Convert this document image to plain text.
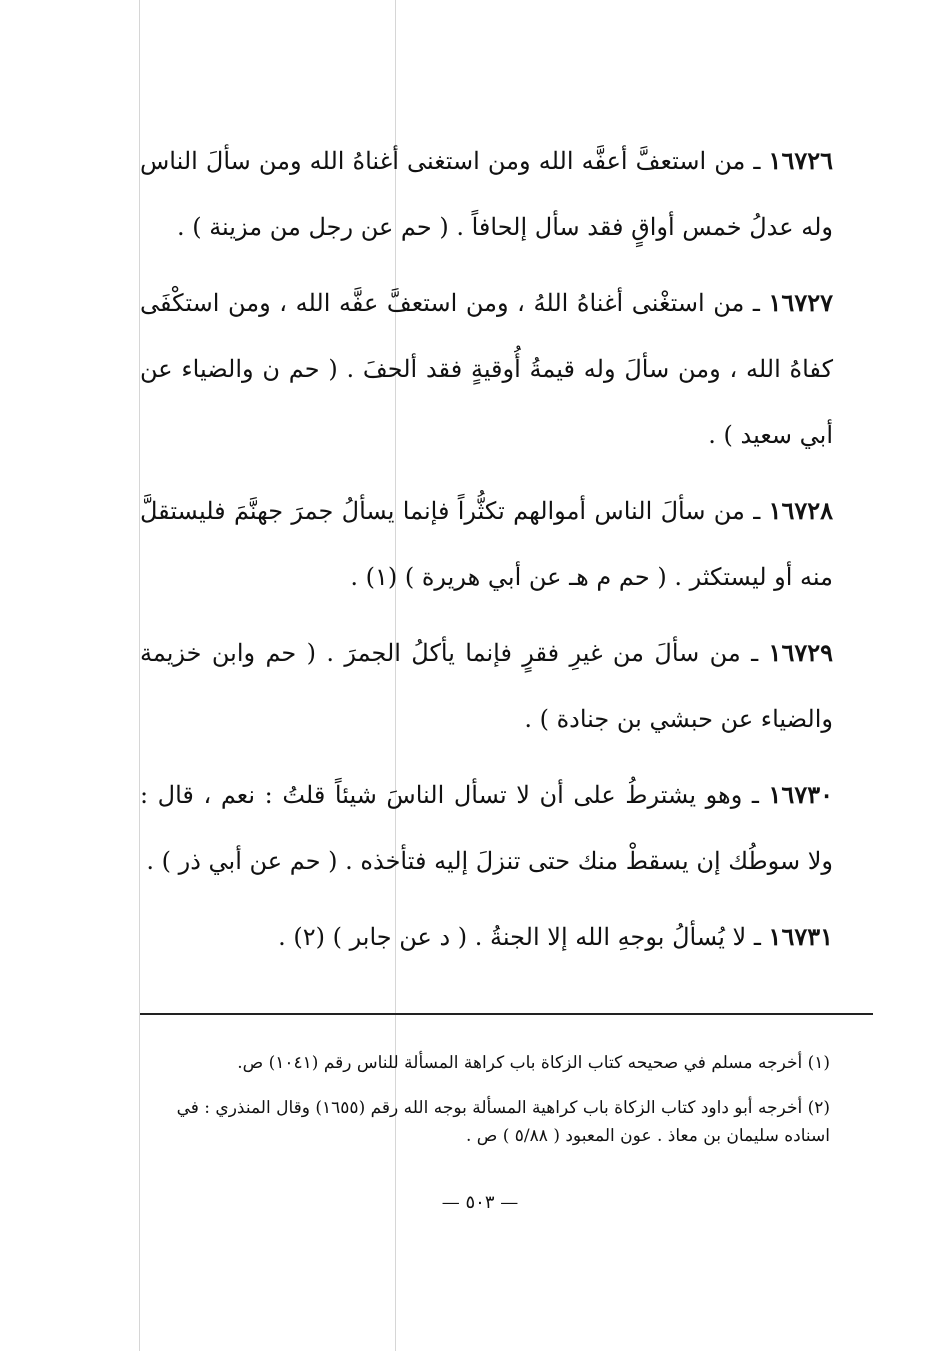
١٦٧٢٦ ـ من استعفَّ أعفَّه الله ومن استغنى أغناهُ الله ومن سألَ الناس وله عدلُ خمس أواقٍ فقد سأل إلحافاً . ( حم عن رجل من مزينة ) .

١٦٧٢٧ ـ من استغْنى أغناهُ اللهُ ، ومن استعفَّ عفَّه الله ، ومن استكْفَى كفاهُ الله ، ومن سألَ وله قيمةُ أُوقيةٍ فقد ألحفَ . ( حم ن والضياء عن أبي سعيد ) .

١٦٧٢٨ ـ من سألَ الناس أموالهم تكثُّراً فإنما يسألُ جمرَ جهنَّمَ فليستقلَّ منه أو ليستكثر . ( حم م هـ عن أبي هريرة ) (١) .

١٦٧٢٩ ـ من سألَ من غيرِ فقرٍ فإنما يأكلُ الجمرَ . ( حم وابن خزيمة والضياء عن حبشي بن جنادة ) .

١٦٧٣٠ ـ وهو يشترطُ على أن لا تسأل الناسَ شيئاً قلتُ : نعم ، قال : ولا سوطُك إن يسقطْ منك حتى تنزلَ إليه فتأخذه . ( حم عن أبي ذر ) .

١٦٧٣١ ـ لا يُسألُ بوجهِ الله إلا الجنةُ . ( د عن جابر ) (٢) .

(١) أخرجه مسلم في صحيحه كتاب الزكاة باب كراهة المسألة للناس رقم (١٠٤١) ص.

(٢) أخرجه أبو داود كتاب الزكاة باب كراهية المسألة بوجه الله رقم (١٦٥٥) وقال المنذري : في اسناده سليمان بن معاذ . عون المعبود ( ٥/٨٨ ) ص .

— ٥٠٣ —
